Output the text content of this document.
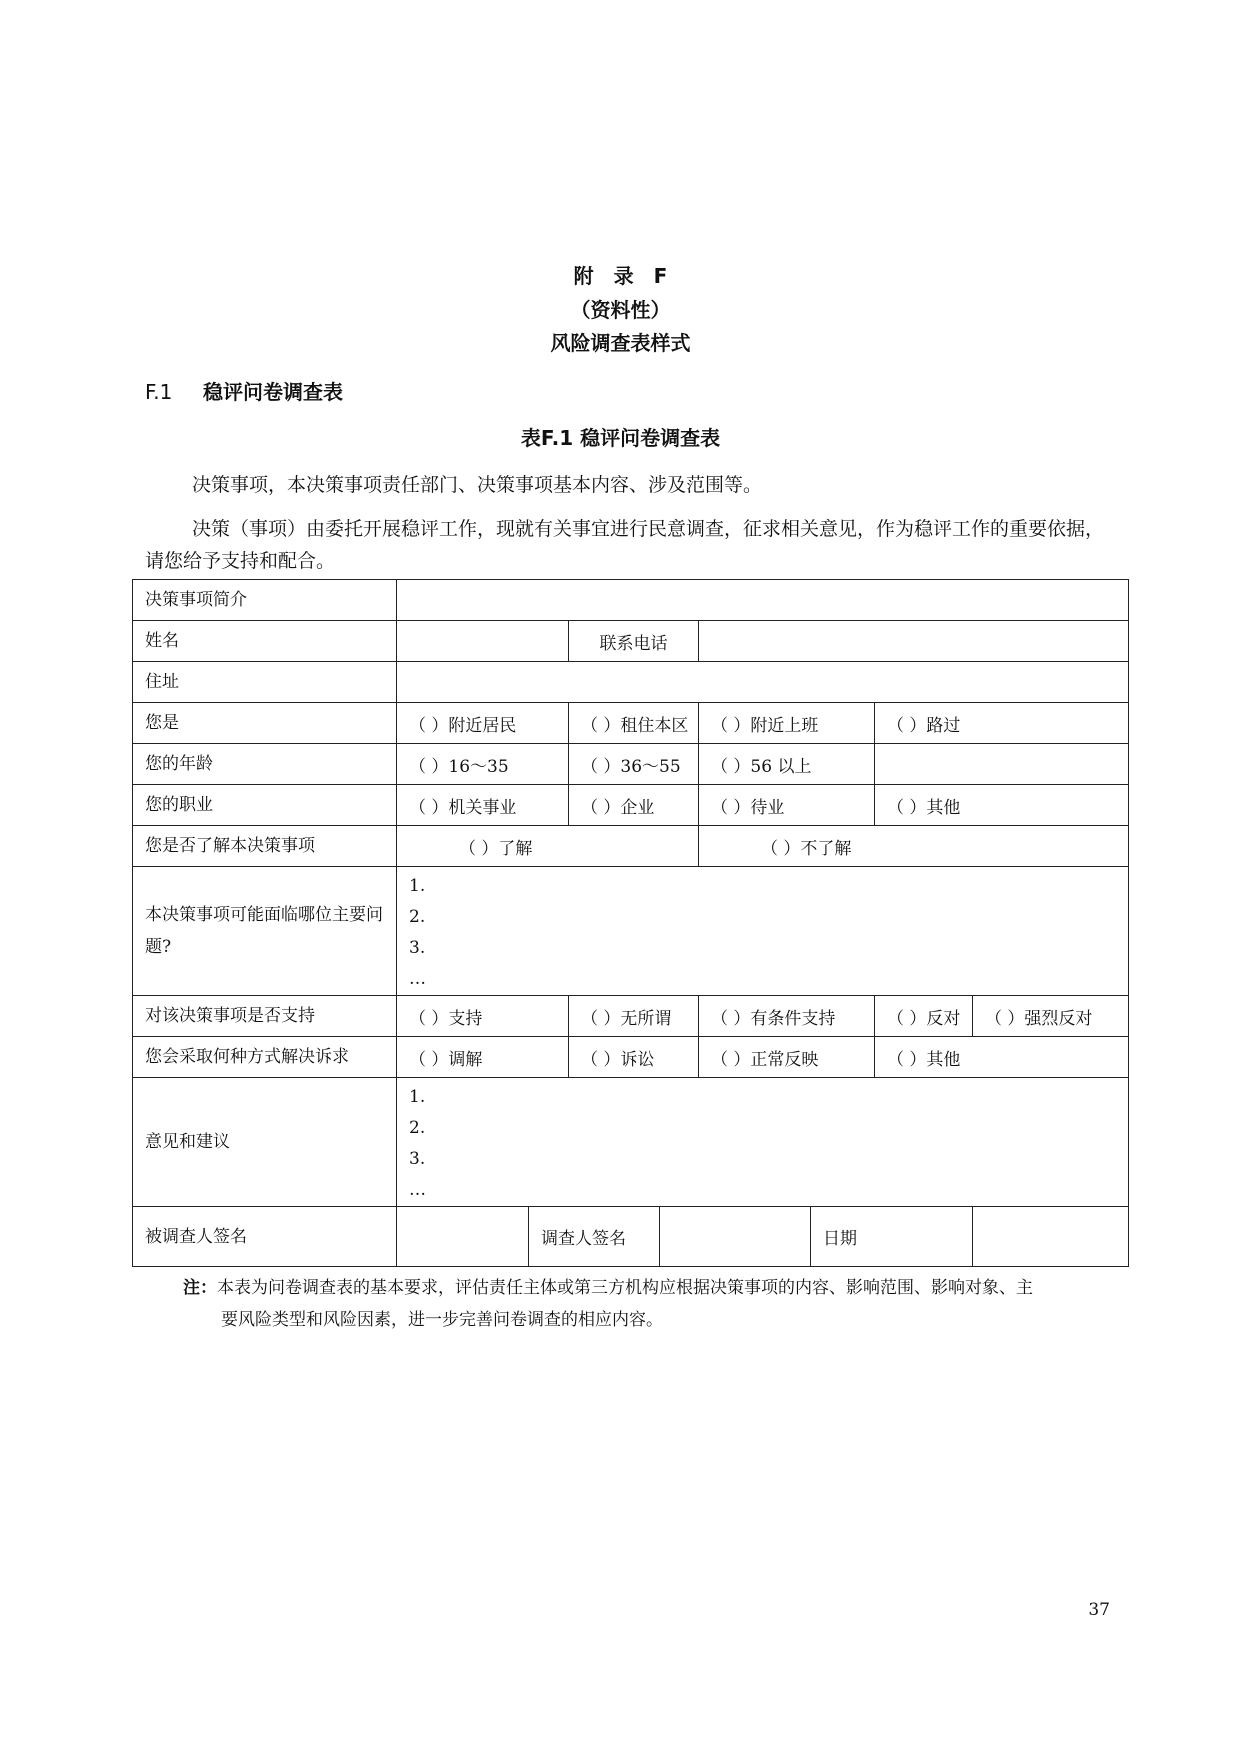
附　录　F
（资料性）
风险调查表样式
F.1 稳评问卷调查表
表F.1 稳评问卷调查表

决策事项，本决策事项责任部门、决策事项基本内容、涉及范围等。

决策（事项）由委托开展稳评工作，现就有关事宜进行民意调查，征求相关意见，作为稳评工作的重要依据，请您给予支持和配合。

决策事项简介								
姓名			联系电话					
住址								
您是	（ ）附近居民		（ ）租住本区		（ ）附近上班		（ ）路过	
您的年龄	（ ）16～35		（ ）36～55		（ ）56 以上			
您的职业	（ ）机关事业		（ ）企业		（ ）待业		（ ）其他	
您是否了解本决策事项	（ ）了解				（ ）不了解			
本决策事项可能面临哪位主要问题?	1.
2.
3.
…							

对该决策事项是否支持	（ ）支持		（ ）无所谓		（ ）有条件支持		（ ）反对	（ ）强烈反对
您会采取何种方式解决诉求	（ ）调解		（ ）诉讼		（ ）正常反映		（ ）其他	
意见和建议	1.
2.
3.
…							

被调查人签名		调查人签名				日期		

注：本表为问卷调查表的基本要求，评估责任主体或第三方机构应根据决策事项的内容、影响范围、影响对象、主
要风险类型和风险因素，进一步完善问卷调查的相应内容。

37
